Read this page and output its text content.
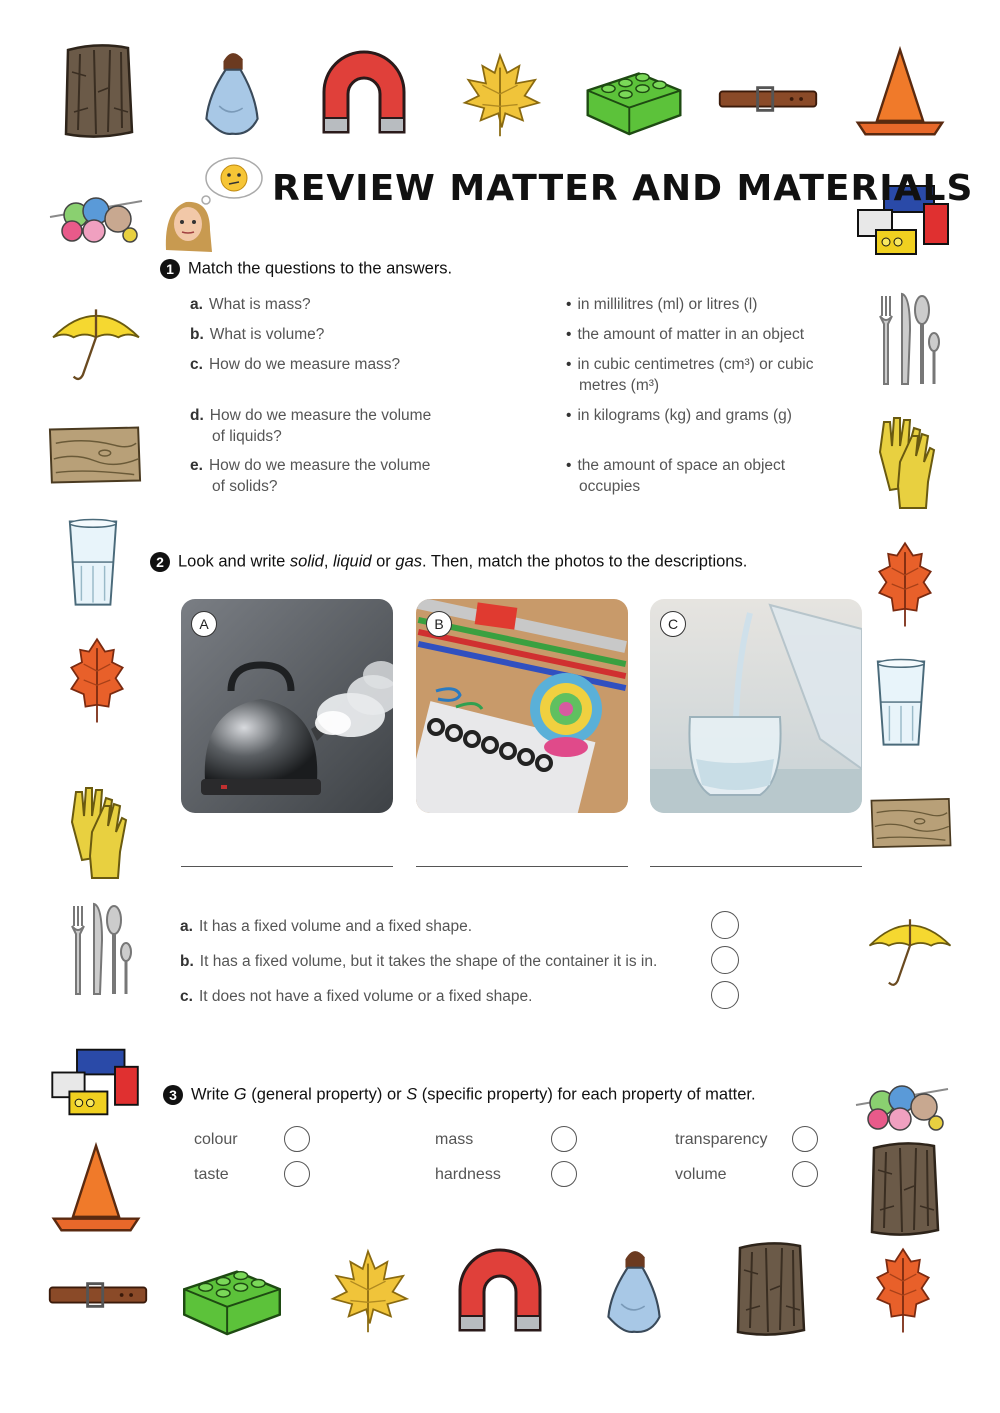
REVIEW MATTER AND MATERIALS
1 Match the questions to the answers.
a. What is mass?
b. What is volume?
c. How do we measure mass?
d. How do we measure the volume
of liquids?
e. How do we measure the volume
of solids?
• in millilitres (ml) or litres (l)
• the amount of matter in an object
• in cubic centimetres (cm³) or cubic
metres (m³)
• in kilograms (kg) and grams (g)
• the amount of space an object
occupies
2 Look and write solid, liquid or gas. Then, match the photos to the descriptions.
A	B	C
a. It has a fixed volume and a fixed shape.
b. It has a fixed volume, but it takes the shape of the container it is in.
c. It does not have a fixed volume or a fixed shape.
3 Write G (general property) or S (specific property) for each property of matter.
colour
taste
mass
hardness
transparency
volume
